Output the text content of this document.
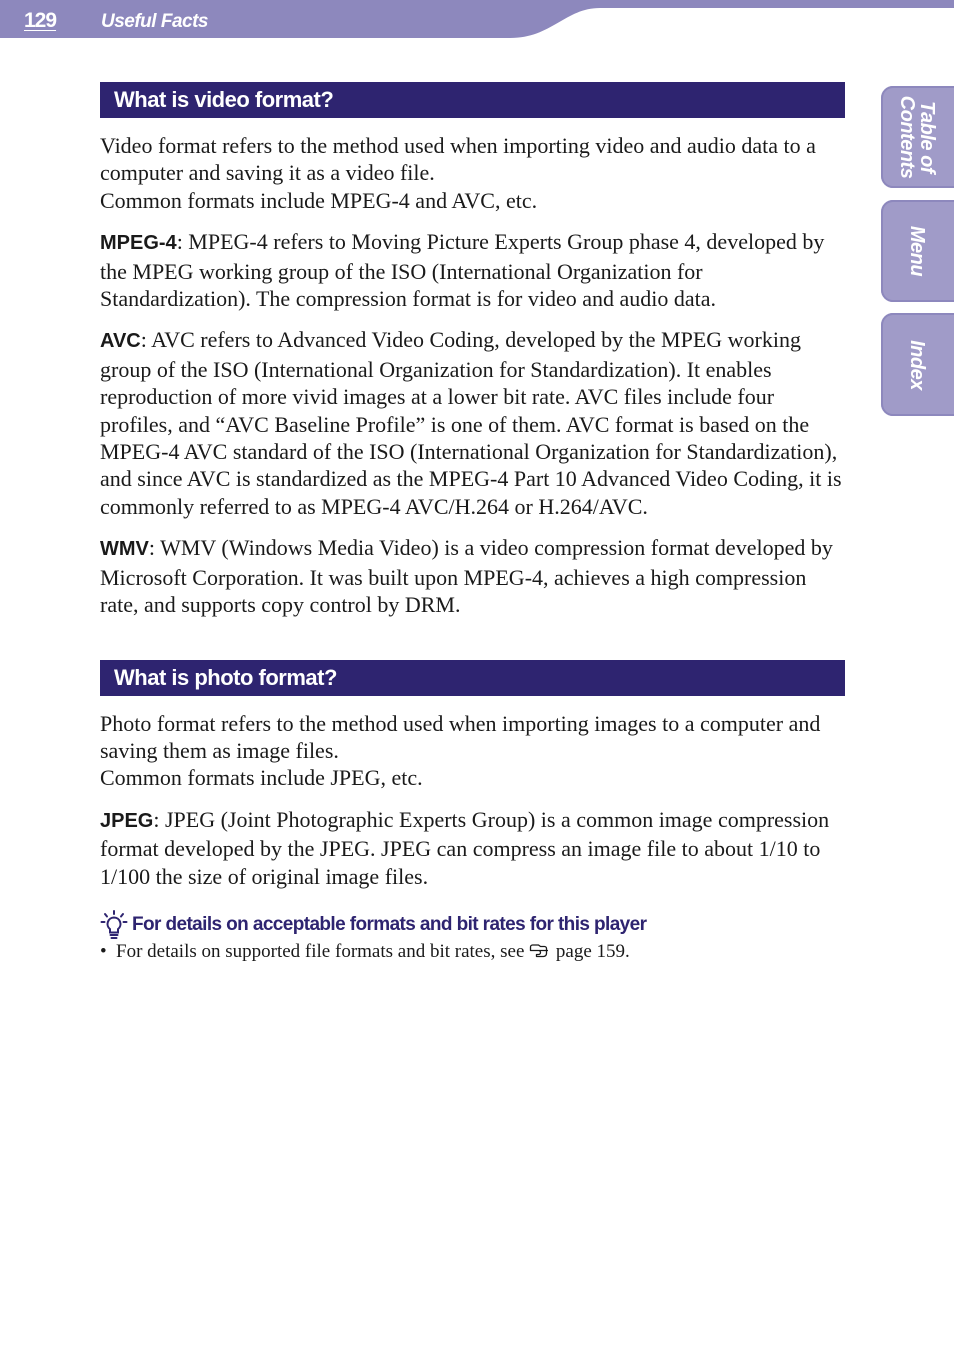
129 Useful Facts
Table of
Contents
Menu
Index
What is video format?

Video format refers to the method used when importing video and audio data to a computer and saving it as a video file.

Common formats include MPEG-4 and AVC, etc.

MPEG-4: MPEG-4 refers to Moving Picture Experts Group phase 4, developed by the MPEG working group of the ISO (International Organization for Standardization). The compression format is for video and audio data.

AVC: AVC refers to Advanced Video Coding, developed by the MPEG working group of the ISO (International Organization for Standardization). It enables reproduction of more vivid images at a lower bit rate. AVC files include four profiles, and “AVC Baseline Profile” is one of them. AVC format is based on the MPEG-4 AVC standard of the ISO (International Organization for Standardization), and since AVC is standardized as the MPEG-4 Part 10 Advanced Video Coding, it is commonly referred to as MPEG-4 AVC/H.264 or H.264/AVC.

WMV: WMV (Windows Media Video) is a video compression format developed by Microsoft Corporation. It was built upon MPEG-4, achieves a high compression rate, and supports copy control by DRM.

What is photo format?

Photo format refers to the method used when importing images to a computer and saving them as image files.

Common formats include JPEG, etc.

JPEG: JPEG (Joint Photographic Experts Group) is a common image compression format developed by the JPEG. JPEG can compress an image file to about 1/10 to 1/100 the size of original image files.

For details on acceptable formats and bit rates for this player

• For details on supported file formats and bit rates, see  page 159.
